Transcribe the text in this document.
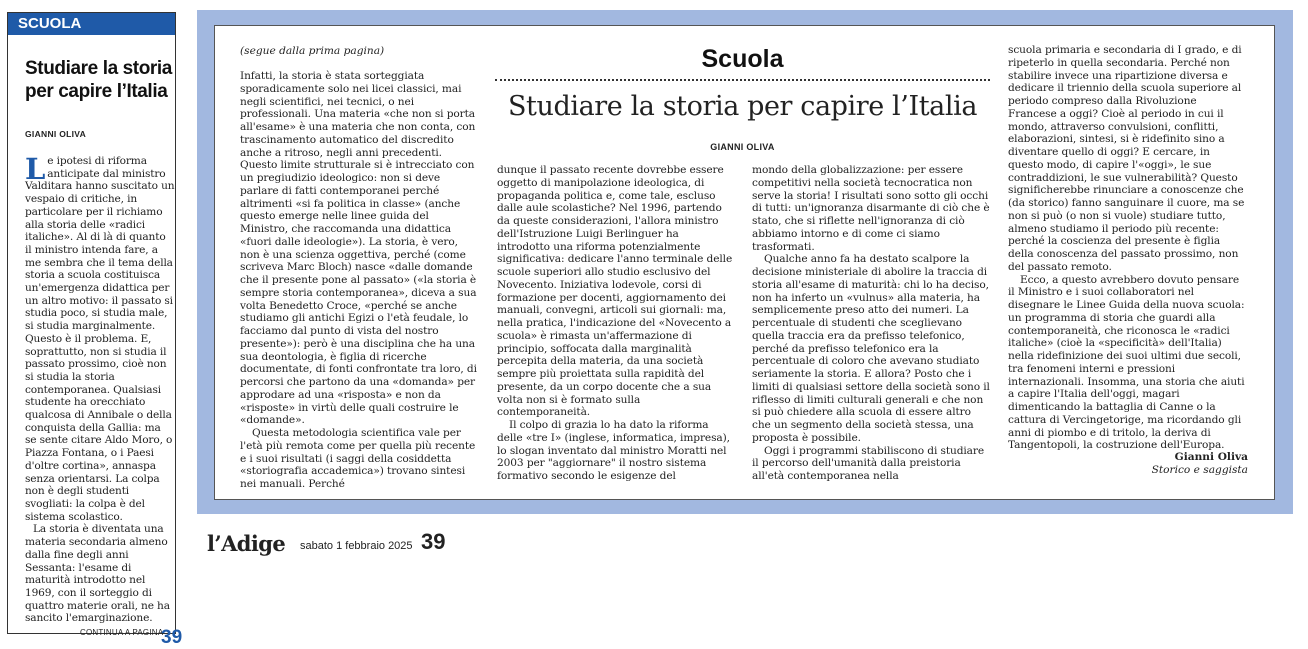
SCUOLA
Studiare la storia per capire l’Italia
GIANNI OLIVA

Le ipotesi di riforma anticipate dal ministro Valditara hanno suscitato un vespaio di critiche, in particolare per il richiamo alla storia delle «radici italiche». Al di là di quanto il ministro intenda fare, a me sembra che il tema della storia a scuola costituisca un'emergenza didattica per un altro motivo: il passato si studia poco, si studia male, si studia marginalmente. Questo è il problema. E, soprattutto, non si studia il passato prossimo, cioè non si studia la storia contemporanea. Qualsiasi studente ha orecchiato qualcosa di Annibale o della conquista della Gallia: ma se sente citare Aldo Moro, o Piazza Fontana, o i Paesi d'oltre cortina», annaspa senza orientarsi. La colpa non è degli studenti svogliati: la colpa è del sistema scolastico.

La storia è diventata una materia secondaria almeno dalla fine degli anni Sessanta: l'esame di maturità introdotto nel 1969, con il sorteggio di quattro materie orali, ne ha sancito l'emarginazione.

CONTINUA A PAGINA
39
(segue dalla prima pagina)

Infatti, la storia è stata sorteggiata sporadicamente solo nei licei classici, mai negli scientifici, nei tecnici, o nei professionali. Una materia «che non si porta all'esame» è una materia che non conta, con trascinamento automatico del discredito anche a ritroso, negli anni precedenti. Questo limite strutturale si è intrecciato con un pregiudizio ideologico: non si deve parlare di fatti contemporanei perché altrimenti «si fa politica in classe» (anche questo emerge nelle linee guida del Ministro, che raccomanda una didattica «fuori dalle ideologie»). La storia, è vero, non è una scienza oggettiva, perché (come scriveva Marc Bloch) nasce «dalle domande che il presente pone al passato» («la storia è sempre storia contemporanea», diceva a sua volta Benedetto Croce, «perché se anche studiamo gli antichi Egizi o l'età feudale, lo facciamo dal punto di vista del nostro presente»): però è una disciplina che ha una sua deontologia, è figlia di ricerche documentate, di fonti confrontate tra loro, di percorsi che partono da una «domanda» per approdare ad una «risposta» e non da «risposte» in virtù delle quali costruire le «domande».

Questa metodologia scientifica vale per l'età più remota come per quella più recente e i suoi risultati (i saggi della cosiddetta «storiografia accademica») trovano sintesi nei manuali. Perché

Scuola
Studiare la storia per capire l’Italia
GIANNI OLIVA

dunque il passato recente dovrebbe essere oggetto di manipolazione ideologica, di propaganda politica e, come tale, escluso dalle aule scolastiche? Nel 1996, partendo da queste considerazioni, l'allora ministro dell'Istruzione Luigi Berlinguer ha introdotto una riforma potenzialmente significativa: dedicare l'anno terminale delle scuole superiori allo studio esclusivo del Novecento. Iniziativa lodevole, corsi di formazione per docenti, aggiornamento dei manuali, convegni, articoli sui giornali: ma, nella pratica, l'indicazione del «Novecento a scuola» è rimasta un'affermazione di principio, soffocata dalla marginalità percepita della materia, da una società sempre più proiettata sulla rapidità del presente, da un corpo docente che a sua volta non si è formato sulla contemporaneità.

Il colpo di grazia lo ha dato la riforma delle «tre I» (inglese, informatica, impresa), lo slogan inventato dal ministro Moratti nel 2003 per "aggiornare" il nostro sistema formativo secondo le esigenze del

mondo della globalizzazione: per essere competitivi nella società tecnocratica non serve la storia! I risultati sono sotto gli occhi di tutti: un'ignoranza disarmante di ciò che è stato, che si riflette nell'ignoranza di ciò abbiamo intorno e di come ci siamo trasformati.

Qualche anno fa ha destato scalpore la decisione ministeriale di abolire la traccia di storia all'esame di maturità: chi lo ha deciso, non ha inferto un «vulnus» alla materia, ha semplicemente preso atto dei numeri. La percentuale di studenti che sceglievano quella traccia era da prefisso telefonico, perché da prefisso telefonico era la percentuale di coloro che avevano studiato seriamente la storia. E allora? Posto che i limiti di qualsiasi settore della società sono il riflesso di limiti culturali generali e che non si può chiedere alla scuola di essere altro che un segmento della società stessa, una proposta è possibile.

Oggi i programmi stabiliscono di studiare il percorso dell'umanità dalla preistoria all'età contemporanea nella

scuola primaria e secondaria di I grado, e di ripeterlo in quella secondaria. Perché non stabilire invece una ripartizione diversa e dedicare il triennio della scuola superiore al periodo compreso dalla Rivoluzione Francese a oggi? Cioè al periodo in cui il mondo, attraverso convulsioni, conflitti, elaborazioni, sintesi, si è ridefinito sino a diventare quello di oggi? E cercare, in questo modo, di capire l'«oggi», le sue contraddizioni, le sue vulnerabilità? Questo significherebbe rinunciare a conoscenze che (da storico) fanno sanguinare il cuore, ma se non si può (o non si vuole) studiare tutto, almeno studiamo il periodo più recente: perché la coscienza del presente è figlia della conoscenza del passato prossimo, non del passato remoto.

Ecco, a questo avrebbero dovuto pensare il Ministro e i suoi collaboratori nel disegnare le Linee Guida della nuova scuola: un programma di storia che guardi alla contemporaneità, che riconosca le «radici italiche» (cioè la «specificità» dell'Italia) nella ridefinizione dei suoi ultimi due secoli, tra fenomeni interni e pressioni internazionali. Insomma, una storia che aiuti a capire l'Italia dell'oggi, magari dimenticando la battaglia di Canne o la cattura di Vercingetorige, ma ricordando gli anni di piombo e di tritolo, la deriva di Tangentopoli, la costruzione dell'Europa.

Gianni Oliva
Storico e saggista
l’Adige sabato 1 febbraio 2025 39
